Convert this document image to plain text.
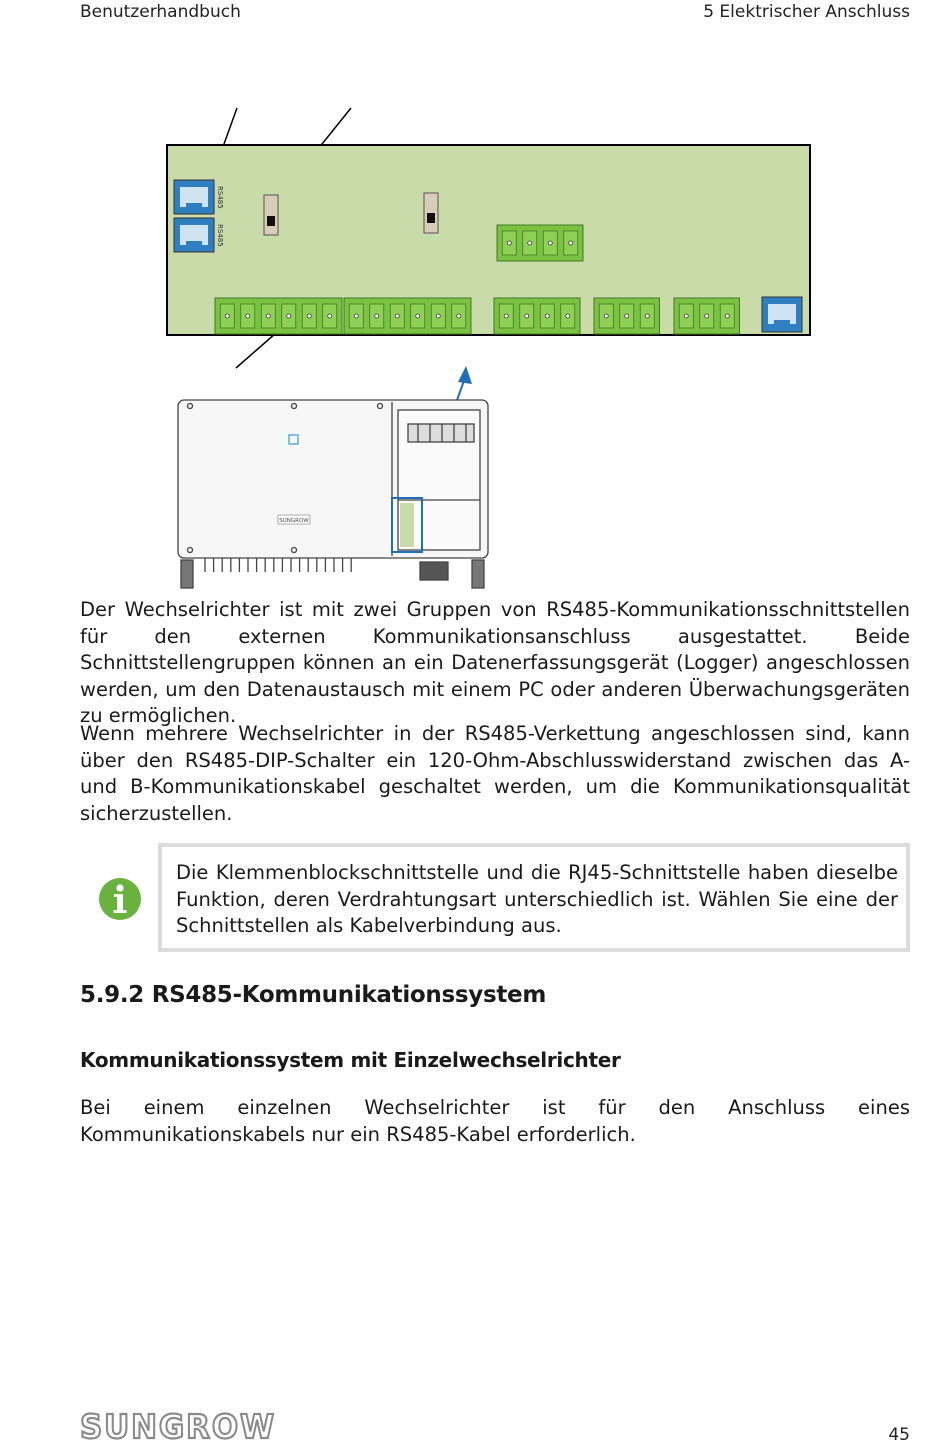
Benutzerhandbuch	5 Elektrischer Anschluss
RS485
RS485
SUNGROW

Der Wechselrichter ist mit zwei Gruppen von RS485-Kommunikationsschnittstellen für den externen Kommunikationsanschluss ausgestattet. Beide Schnittstellengruppen können an ein Datenerfassungsgerät (Logger) angeschlossen werden, um den Datenaustausch mit einem PC oder anderen Überwachungsgeräten zu ermöglichen.

Wenn mehrere Wechselrichter in der RS485-Verkettung angeschlossen sind, kann über den RS485-DIP-Schalter ein 120-Ohm-Abschlusswiderstand zwischen das A- und B-Kommunikationskabel geschaltet werden, um die Kommunikationsqualität sicherzustellen.

Die Klemmenblockschnittstelle und die RJ45-Schnittstelle haben dieselbe Funktion, deren Verdrahtungsart unterschiedlich ist. Wählen Sie eine der Schnittstellen als Kabelverbindung aus.

5.9.2 RS485-Kommunikationssystem
Kommunikationssystem mit Einzelwechselrichter

Bei einem einzelnen Wechselrichter ist für den Anschluss eines Kommunikationskabels nur ein RS485-Kabel erforderlich.

SUNGROW	45
